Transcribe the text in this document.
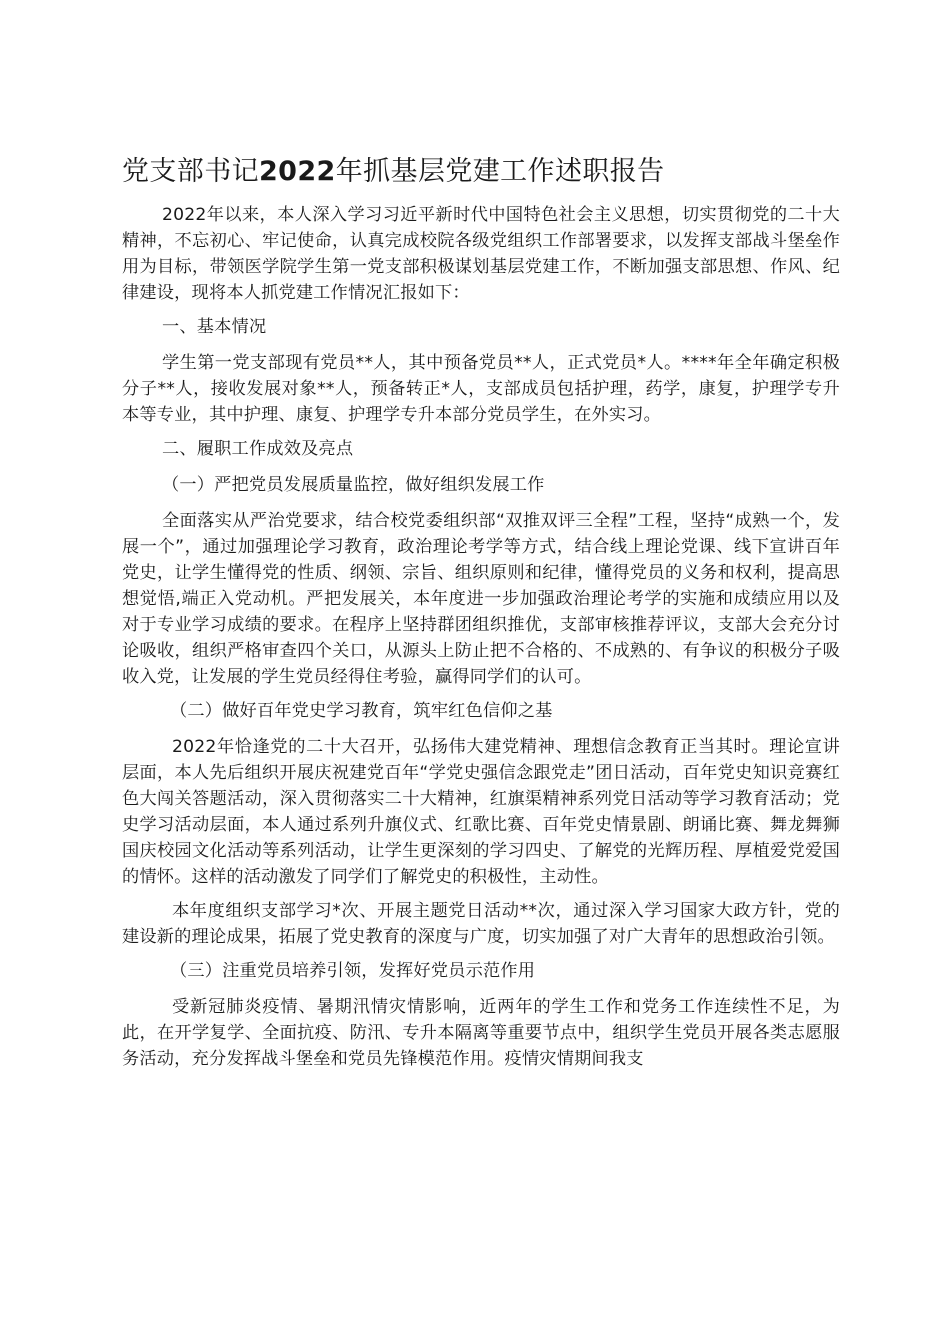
党支部书记2022年抓基层党建工作述职报告

2022年以来，本人深入学习习近平新时代中国特色社会主义思想，切实贯彻党的二十大精神，不忘初心、牢记使命，认真完成校院各级党组织工作部署要求，以发挥支部战斗堡垒作用为目标，带领医学院学生第一党支部积极谋划基层党建工作，不断加强支部思想、作风、纪律建设，现将本人抓党建工作情况汇报如下：

一、基本情况

学生第一党支部现有党员**人，其中预备党员**人，正式党员*人。****年全年确定积极分子**人，接收发展对象**人，预备转正*人，支部成员包括护理，药学，康复，护理学专升本等专业，其中护理、康复、护理学专升本部分党员学生，在外实习。

二、履职工作成效及亮点

（一）严把党员发展质量监控，做好组织发展工作

全面落实从严治党要求，结合校党委组织部“双推双评三全程”工程，坚持“成熟一个，发展一个”，通过加强理论学习教育，政治理论考学等方式，结合线上理论党课、线下宣讲百年党史，让学生懂得党的性质、纲领、宗旨、组织原则和纪律，懂得党员的义务和权利，提高思想觉悟,端正入党动机。严把发展关，本年度进一步加强政治理论考学的实施和成绩应用以及对于专业学习成绩的要求。在程序上坚持群团组织推优，支部审核推荐评议，支部大会充分讨论吸收，组织严格审查四个关口，从源头上防止把不合格的、不成熟的、有争议的积极分子吸收入党，让发展的学生党员经得住考验，赢得同学们的认可。

（二）做好百年党史学习教育，筑牢红色信仰之基

2022年恰逢党的二十大召开，弘扬伟大建党精神、理想信念教育正当其时。理论宣讲层面，本人先后组织开展庆祝建党百年“学党史强信念跟党走”团日活动，百年党史知识竞赛红色大闯关答题活动，深入贯彻落实二十大精神，红旗渠精神系列党日活动等学习教育活动；党史学习活动层面，本人通过系列升旗仪式、红歌比赛、百年党史情景剧、朗诵比赛、舞龙舞狮国庆校园文化活动等系列活动，让学生更深刻的学习四史、了解党的光辉历程、厚植爱党爱国的情怀。这样的活动激发了同学们了解党史的积极性，主动性。

本年度组织支部学习*次、开展主题党日活动**次，通过深入学习国家大政方针，党的建设新的理论成果，拓展了党史教育的深度与广度，切实加强了对广大青年的思想政治引领。

（三）注重党员培养引领，发挥好党员示范作用

受新冠肺炎疫情、暑期汛情灾情影响，近两年的学生工作和党务工作连续性不足，为此，在开学复学、全面抗疫、防汛、专升本隔离等重要节点中，组织学生党员开展各类志愿服务活动，充分发挥战斗堡垒和党员先锋模范作用。疫情灾情期间我支
